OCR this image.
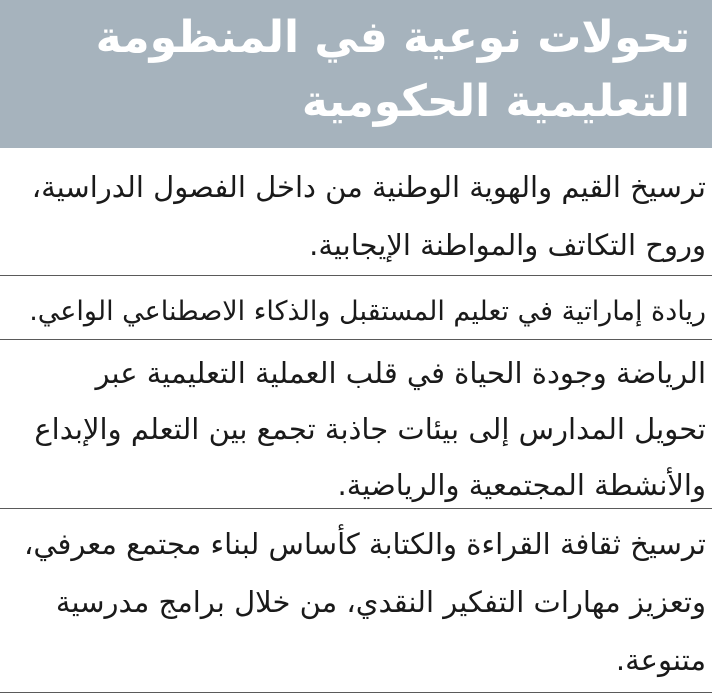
تحولات نوعية في المنظومة
التعليمية الحكومية
ترسيخ القيم والهوية الوطنية من داخل الفصول الدراسية،
وروح التكاتف والمواطنة الإيجابية.
ريادة إماراتية في تعليم المستقبل والذكاء الاصطناعي الواعي.
الرياضة وجودة الحياة في قلب العملية التعليمية عبر
تحويل المدارس إلى بيئات جاذبة تجمع بين التعلم والإبداع
والأنشطة المجتمعية والرياضية.
ترسيخ ثقافة القراءة والكتابة كأساس لبناء مجتمع معرفي،
وتعزيز مهارات التفكير النقدي، من خلال برامج مدرسية
متنوعة.
